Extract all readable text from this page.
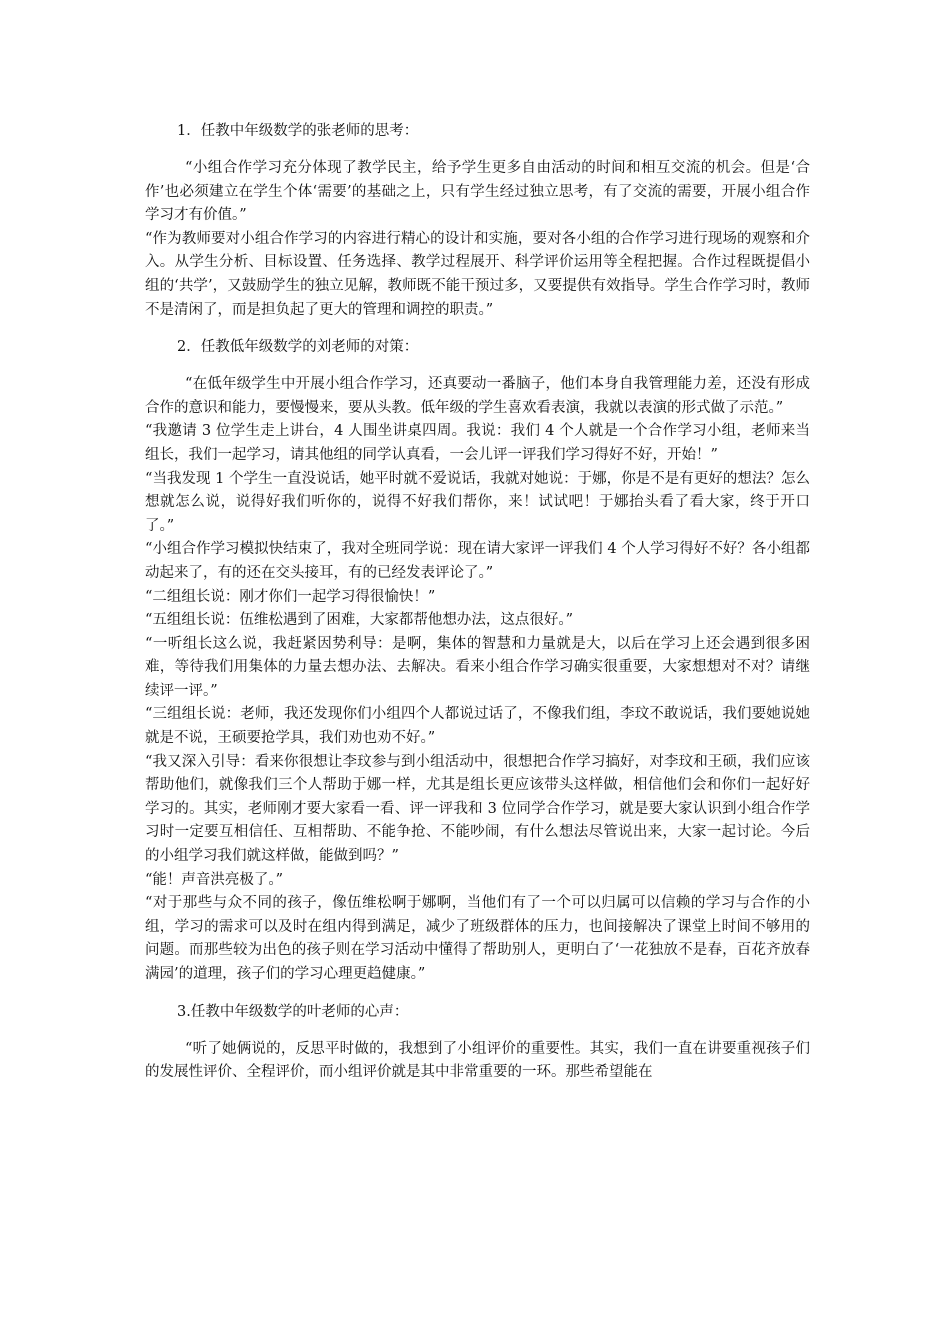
1．任教中年级数学的张老师的思考：

“小组合作学习充分体现了教学民主，给予学生更多自由活动的时间和相互交流的机会。但是‘合作’也必须建立在学生个体‘需要’的基础之上，只有学生经过独立思考，有了交流的需要，开展小组合作学习才有价值。”

“作为教师要对小组合作学习的内容进行精心的设计和实施，要对各小组的合作学习进行现场的观察和介入。从学生分析、目标设置、任务选择、教学过程展开、科学评价运用等全程把握。合作过程既提倡小组的‘共学’，又鼓励学生的独立见解，教师既不能干预过多，又要提供有效指导。学生合作学习时，教师不是清闲了，而是担负起了更大的管理和调控的职责。”

2．任教低年级数学的刘老师的对策：

“在低年级学生中开展小组合作学习，还真要动一番脑子，他们本身自我管理能力差，还没有形成合作的意识和能力，要慢慢来，要从头教。低年级的学生喜欢看表演，我就以表演的形式做了示范。”

“我邀请 3 位学生走上讲台，4 人围坐讲桌四周。我说：我们 4 个人就是一个合作学习小组，老师来当组长，我们一起学习，请其他组的同学认真看，一会儿评一评我们学习得好不好，开始！”

“当我发现 1 个学生一直没说话，她平时就不爱说话，我就对她说：于娜，你是不是有更好的想法？怎么想就怎么说，说得好我们听你的，说得不好我们帮你，来！试试吧！于娜抬头看了看大家，终于开口了。”

“小组合作学习模拟快结束了，我对全班同学说：现在请大家评一评我们 4 个人学习得好不好？各小组都动起来了，有的还在交头接耳，有的已经发表评论了。”

“二组组长说：刚才你们一起学习得很愉快！”

“五组组长说：伍维松遇到了困难，大家都帮他想办法，这点很好。”

“一听组长这么说，我赶紧因势利导：是啊，集体的智慧和力量就是大，以后在学习上还会遇到很多困难，等待我们用集体的力量去想办法、去解决。看来小组合作学习确实很重要，大家想想对不对？请继续评一评。”

“三组组长说：老师，我还发现你们小组四个人都说过话了，不像我们组，李玟不敢说话，我们要她说她就是不说，王硕要抢学具，我们劝也劝不好。”

“我又深入引导：看来你很想让李玟参与到小组活动中，很想把合作学习搞好，对李玟和王硕，我们应该帮助他们，就像我们三个人帮助于娜一样，尤其是组长更应该带头这样做，相信他们会和你们一起好好学习的。其实，老师刚才要大家看一看、评一评我和 3 位同学合作学习，就是要大家认识到小组合作学习时一定要互相信任、互相帮助、不能争抢、不能吵闹，有什么想法尽管说出来，大家一起讨论。今后的小组学习我们就这样做，能做到吗？”

“能！声音洪亮极了。”

“对于那些与众不同的孩子，像伍维松啊于娜啊，当他们有了一个可以归属可以信赖的学习与合作的小组，学习的需求可以及时在组内得到满足，减少了班级群体的压力，也间接解决了课堂上时间不够用的问题。而那些较为出色的孩子则在学习活动中懂得了帮助别人，更明白了‘一花独放不是春，百花齐放春满园’的道理，孩子们的学习心理更趋健康。”

3.任教中年级数学的叶老师的心声：

“听了她俩说的，反思平时做的，我想到了小组评价的重要性。其实，我们一直在讲要重视孩子们的发展性评价、全程评价，而小组评价就是其中非常重要的一环。那些希望能在
